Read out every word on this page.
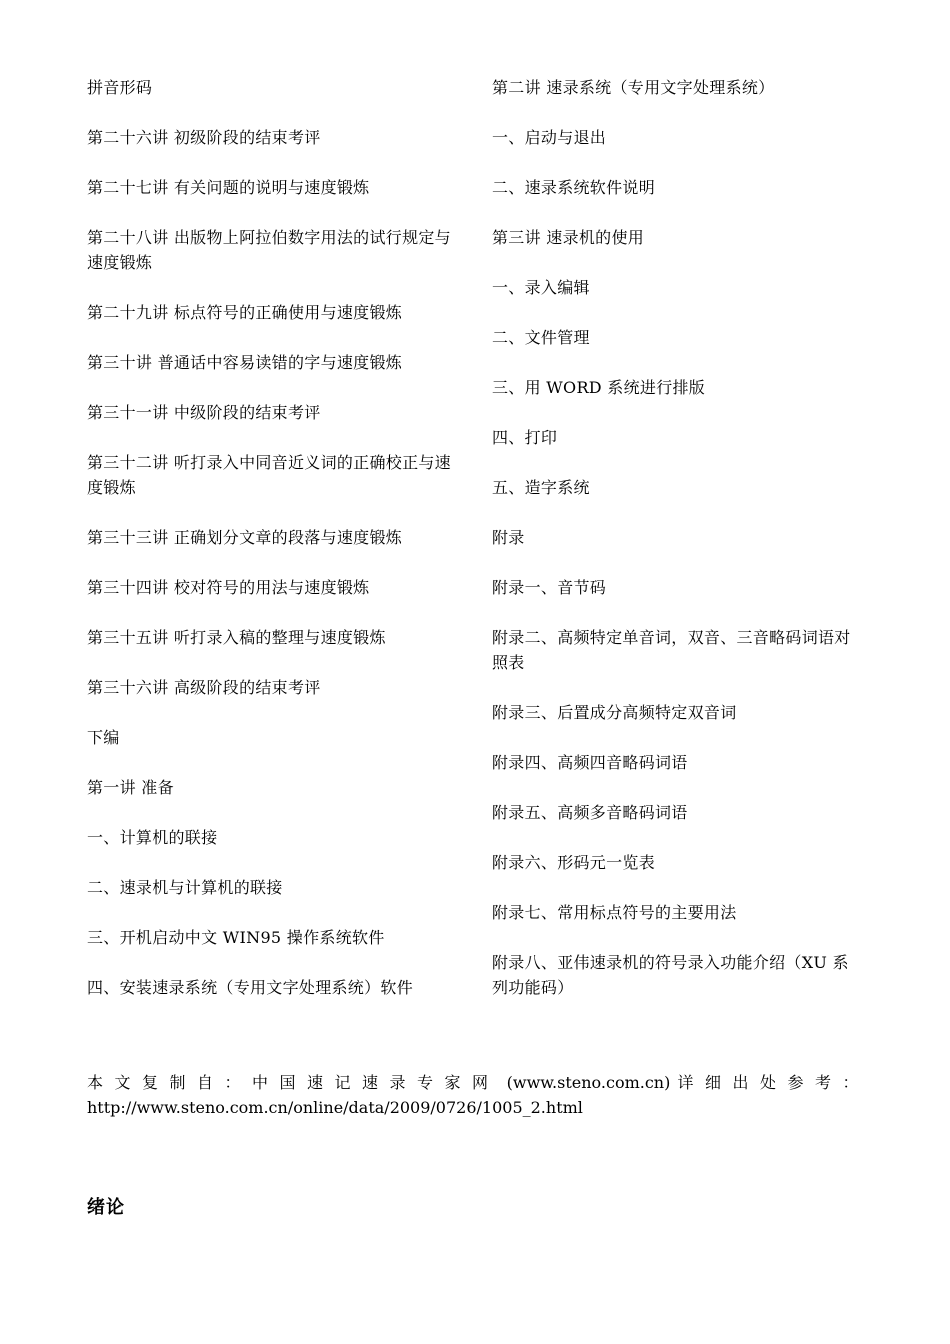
拼音形码
第二十六讲 初级阶段的结束考评
第二十七讲 有关问题的说明与速度锻炼
第二十八讲 出版物上阿拉伯数字用法的试行规定与速度锻炼
第二十九讲 标点符号的正确使用与速度锻炼
第三十讲 普通话中容易读错的字与速度锻炼
第三十一讲 中级阶段的结束考评
第三十二讲 听打录入中同音近义词的正确校正与速度锻炼
第三十三讲 正确划分文章的段落与速度锻炼
第三十四讲 校对符号的用法与速度锻炼
第三十五讲 听打录入稿的整理与速度锻炼
第三十六讲 高级阶段的结束考评
下编
第一讲 准备
一、计算机的联接
二、速录机与计算机的联接
三、开机启动中文 WIN95 操作系统软件
四、安装速录系统（专用文字处理系统）软件
第二讲 速录系统（专用文字处理系统）
一、启动与退出
二、速录系统软件说明
第三讲 速录机的使用
一、录入编辑
二、文件管理
三、用 WORD 系统进行排版
四、打印
五、造字系统
附录
附录一、音节码
附录二、高频特定单音词，双音、三音略码词语对照表
附录三、后置成分高频特定双音词
附录四、高频四音略码词语
附录五、高频多音略码词语
附录六、形码元一览表
附录七、常用标点符号的主要用法
附录八、亚伟速录机的符号录入功能介绍（XU 系列功能码）
本文复制自：中国速记速录专家网 (www.steno.com.cn) 详细出处参考：
http://www.steno.com.cn/online/data/2009/0726/1005_2.html
绪论
